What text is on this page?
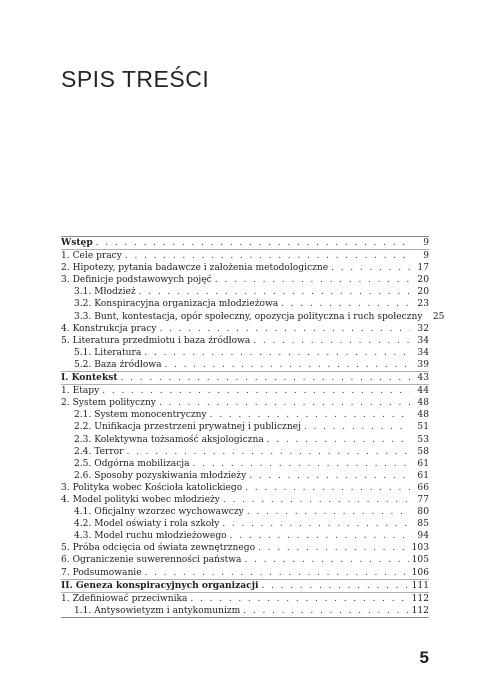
SPIS TREŚCI
Wstęp . . .	9
1. Cele pracy . . .	9
2. Hipotezy, pytania badawcze i założenia metodologiczne . . .	17
3. Definicje podstawowych pojęć . . .	20
3.1. Młodzież . . .	20
3.2. Konspiracyjna organizacja młodzieżowa . . .	23
3.3. Bunt, kontestacja, opór społeczny, opozycja polityczna i ruch społeczny	25
4. Konstrukcja pracy . . .	32
5. Literatura przedmiotu i baza źródłowa . . .	34
5.1. Literatura . . .	34
5.2. Baza źródłowa . . .	39
I. Kontekst . . .	43
1. Etapy . . .	44
2. System polityczny . . .	48
2.1. System monocentryczny . . .	48
2.2. Unifikacja przestrzeni prywatnej i publicznej . . .	51
2.3. Kolektywna tożsamość aksjologiczna . . .	53
2.4. Terror . . .	58
2.5. Odgórna mobilizacja . . .	61
2.6. Sposoby pozyskiwania młodzieży . . .	61
3. Polityka wobec Kościoła katolickiego . . .	66
4. Model polityki wobec młodzieży . . .	77
4.1. Oficjalny wzorzec wychowawczy . . .	80
4.2. Model oświaty i rola szkoły . . .	85
4.3. Model ruchu młodzieżowego . . .	94
5. Próba odcięcia od świata zewnętrznego . . .	103
6. Ograniczenie suwerenności państwa . . .	105
7. Podsumowanie . . .	106
II. Geneza konspiracyjnych organizacji . . .	111
1. Zdefiniować przeciwnika . . .	112
1.1. Antysowietyzm i antykomunizm . . .	112
5
